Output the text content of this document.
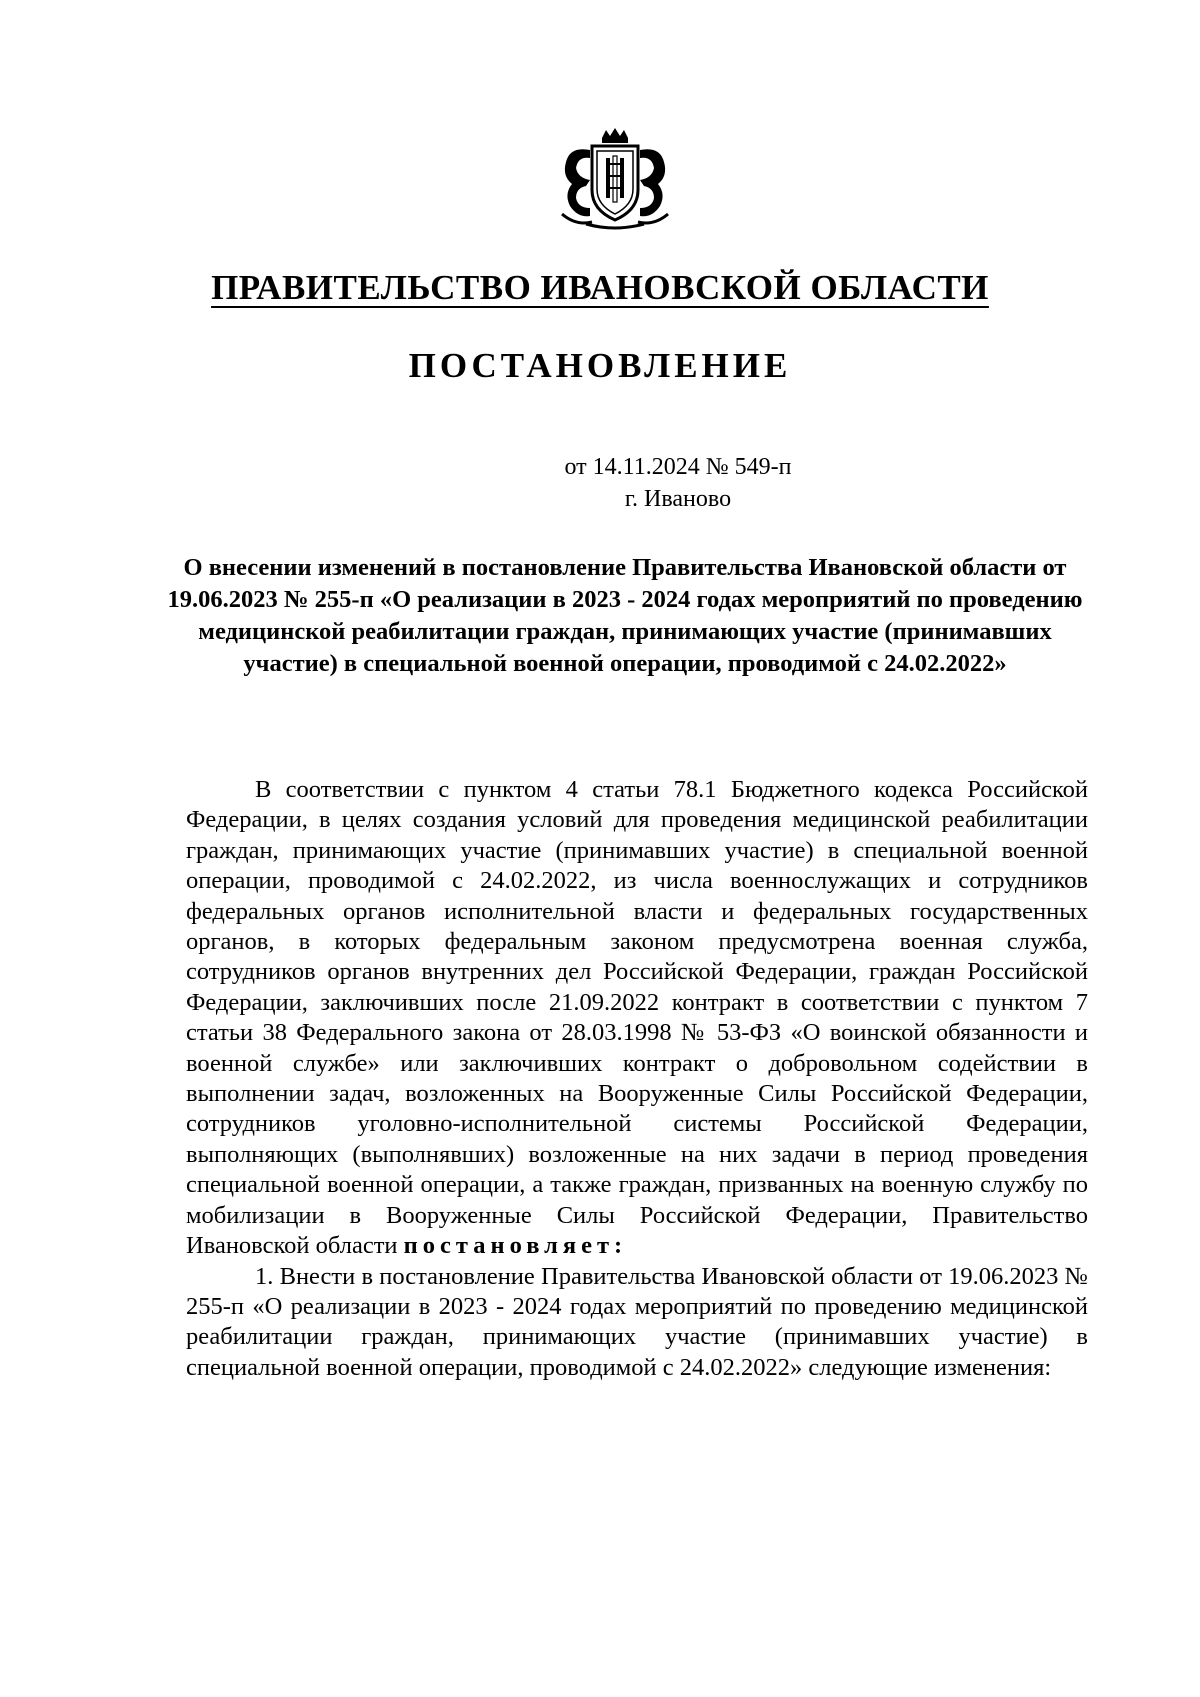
ПРАВИТЕЛЬСТВО ИВАНОВСКОЙ ОБЛАСТИ
ПОСТАНОВЛЕНИЕ
от 14.11.2024 № 549-п
г. Иваново
О внесении изменений в постановление Правительства Ивановской области от 19.06.2023 № 255-п «О реализации в 2023 - 2024 годах мероприятий по проведению медицинской реабилитации граждан, принимающих участие (принимавших участие) в специальной военной операции, проводимой с 24.02.2022»

В соответствии с пунктом 4 статьи 78.1 Бюджетного кодекса Российской Федерации, в целях создания условий для проведения медицинской реабилитации граждан, принимающих участие (принимавших участие) в специальной военной операции, проводимой с 24.02.2022, из числа военнослужащих и сотрудников федеральных органов исполнительной власти и федеральных государственных органов, в которых федеральным законом предусмотрена военная служба, сотрудников органов внутренних дел Российской Федерации, граждан Российской Федерации, заключивших после 21.09.2022 контракт в соответствии с пунктом 7 статьи 38 Федерального закона от 28.03.1998 № 53-ФЗ «О воинской обязанности и военной службе» или заключивших контракт о добровольном содействии в выполнении задач, возложенных на Вооруженные Силы Российской Федерации, сотрудников уголовно-исполнительной системы Российской Федерации, выполняющих (выполнявших) возложенные на них задачи в период проведения специальной военной операции, а также граждан, призванных на военную службу по мобилизации в Вооруженные Силы Российской Федерации, Правительство Ивановской области постановляет:

1. Внести в постановление Правительства Ивановской области от 19.06.2023 № 255-п «О реализации в 2023 - 2024 годах мероприятий по проведению медицинской реабилитации граждан, принимающих участие (принимавших участие) в специальной военной операции, проводимой с 24.02.2022» следующие изменения:
